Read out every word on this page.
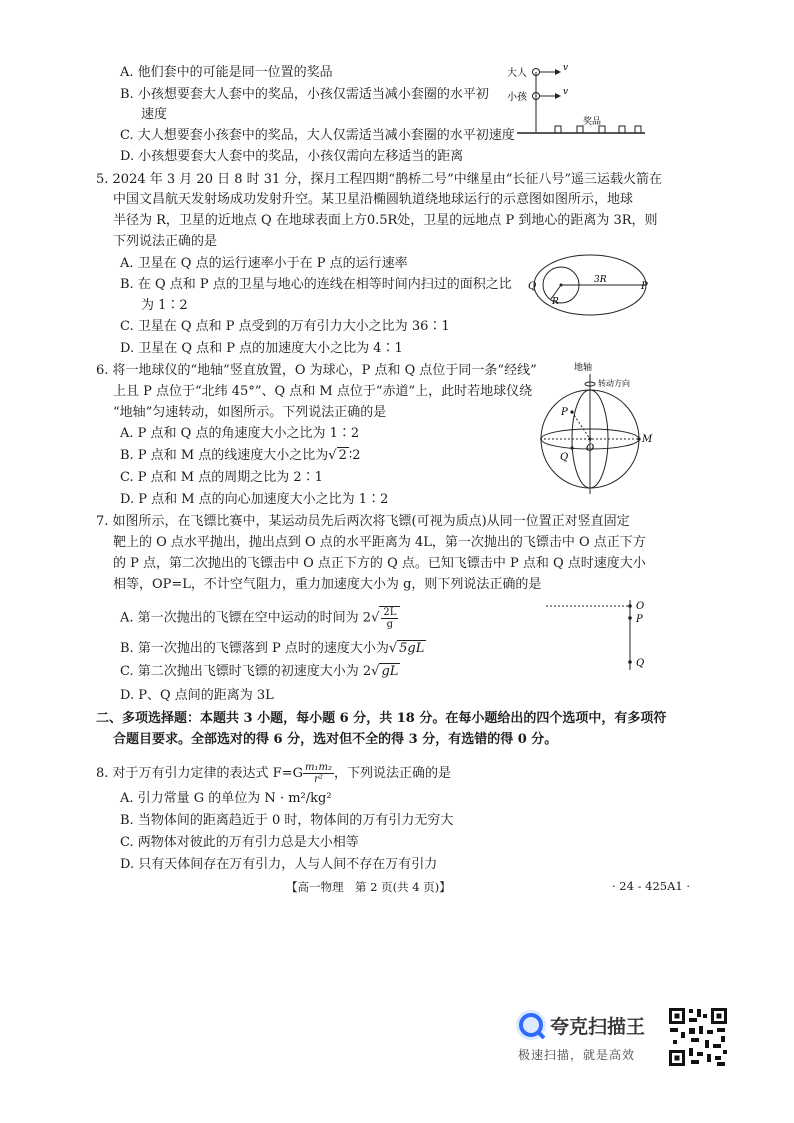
A. 他们套中的可能是同一位置的奖品
B. 小孩想要套大人套中的奖品，小孩仅需适当减小套圈的水平初
速度
C. 大人想要套小孩套中的奖品，大人仅需适当减小套圈的水平初速度
D. 小孩想要套大人套中的奖品，小孩仅需向左移适当的距离
大人
小孩
v
v
奖品
5. 2024 年 3 月 20 日 8 时 31 分，探月工程四期“鹊桥二号”中继星由“长征八号”遥三运载火箭在
中国文昌航天发射场成功发射升空。某卫星沿椭圆轨道绕地球运行的示意图如图所示，地球
半径为 R，卫星的近地点 Q 在地球表面上方0.5R处，卫星的远地点 P 到地心的距离为 3R，则
下列说法正确的是
A. 卫星在 Q 点的运行速率小于在 P 点的运行速率
B. 在 Q 点和 P 点的卫星与地心的连线在相等时间内扫过的面积之比
为 1∶2
C. 卫星在 Q 点和 P 点受到的万有引力大小之比为 36∶1
D. 卫星在 Q 点和 P 点的加速度大小之比为 4∶1
Q	P
R
3R
6. 将一地球仪的“地轴”竖直放置，O 为球心，P 点和 Q 点位于同一条“经线”
上且 P 点位于“北纬 45°”、Q 点和 M 点位于“赤道”上，此时若地球仪绕
“地轴”匀速转动，如图所示。下列说法正确的是
A. P 点和 Q 点的角速度大小之比为 1∶2
B. P 点和 M 点的线速度大小之比为√ 2 ∶2
C. P 点和 M 点的周期之比为 2∶1
D. P 点和 M 点的向心加速度大小之比为 1∶2
地轴
转动方向
P
O
M
Q
7. 如图所示，在飞镖比赛中，某运动员先后两次将飞镖(可视为质点)从同一位置正对竖直固定
靶上的 O 点水平抛出，抛出点到 O 点的水平距离为 4L，第一次抛出的飞镖击中 O 点正下方
的 P 点，第二次抛出的飞镖击中 O 点正下方的 Q 点。已知飞镖击中 P 点和 Q 点时速度大小
相等，OP=L，不计空气阻力，重力加速度大小为 g，则下列说法正确的是
A. 第一次抛出的飞镖在空中运动的时间为 $2√ \frac{2L}{g}$
B. 第一次抛出的飞镖落到 P 点时的速度大小为√ 5gL
C. 第二次抛出飞镖时飞镖的初速度大小为 2√ gL
D. P、Q 点间的距离为 3L
O
P
Q
二、多项选择题：本题共 3 小题，每小题 6 分，共 18 分。在每小题给出的四个选项中，有多项符
合题目要求。全部选对的得 6 分，选对但不全的得 3 分，有选错的得 0 分。
8. 对于万有引力定律的表达式 $F=G \frac{\text{m₁m₂}}{\text{r²}}$ ，下列说法正确的是
A. 引力常量 G 的单位为 N · m²/kg²
B. 当物体间的距离趋近于 0 时，物体间的万有引力无穷大
C. 两物体对彼此的万有引力总是大小相等
D. 只有天体间存在万有引力，人与人间不存在万有引力
【高一物理　第 2 页(共 4 页)】	· 24 - 425A1 ·
夸克扫描王
极速扫描，就是高效
